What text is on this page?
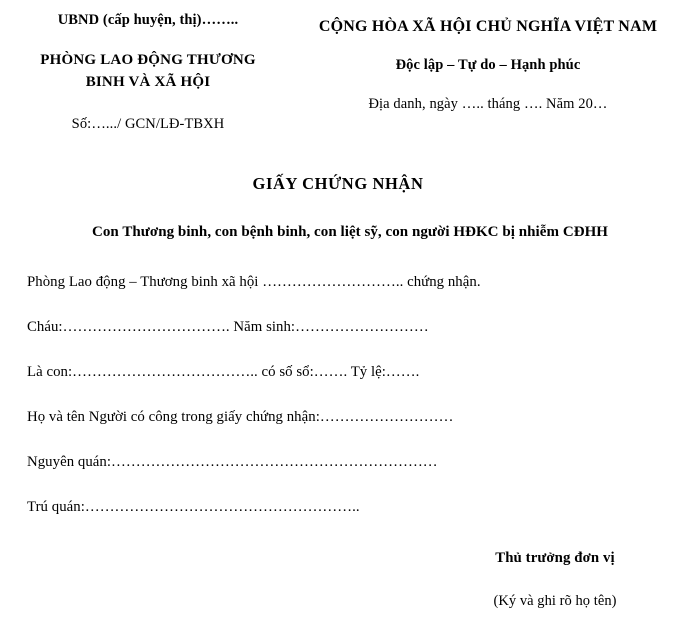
UBND (cấp huyện, thị)……..
PHÒNG LAO ĐỘNG THƯƠNG
BINH VÀ XÃ HỘI
Số:….../ GCN/LĐ-TBXH
CỘNG HÒA XÃ HỘI CHỦ NGHĨA VIỆT NAM
Độc lập – Tự do – Hạnh phúc
Địa danh, ngày ….. tháng …. Năm 20…
GIẤY CHỨNG NHẬN
Con Thương binh, con bệnh binh, con liệt sỹ, con người HĐKC bị nhiễm CĐHH
Phòng Lao động – Thương binh xã hội ……………………….. chứng nhận.
Cháu:……………………………. Năm sinh:………………………
Là con:……………………………….. có số sổ:……. Tỷ lệ:…….
Họ và tên Người có công trong giấy chứng nhận:………………………
Nguyên quán:…………………………………………………………
Trú quán:………………………………………………..
Thủ trưởng đơn vị
(Ký và ghi rõ họ tên)
